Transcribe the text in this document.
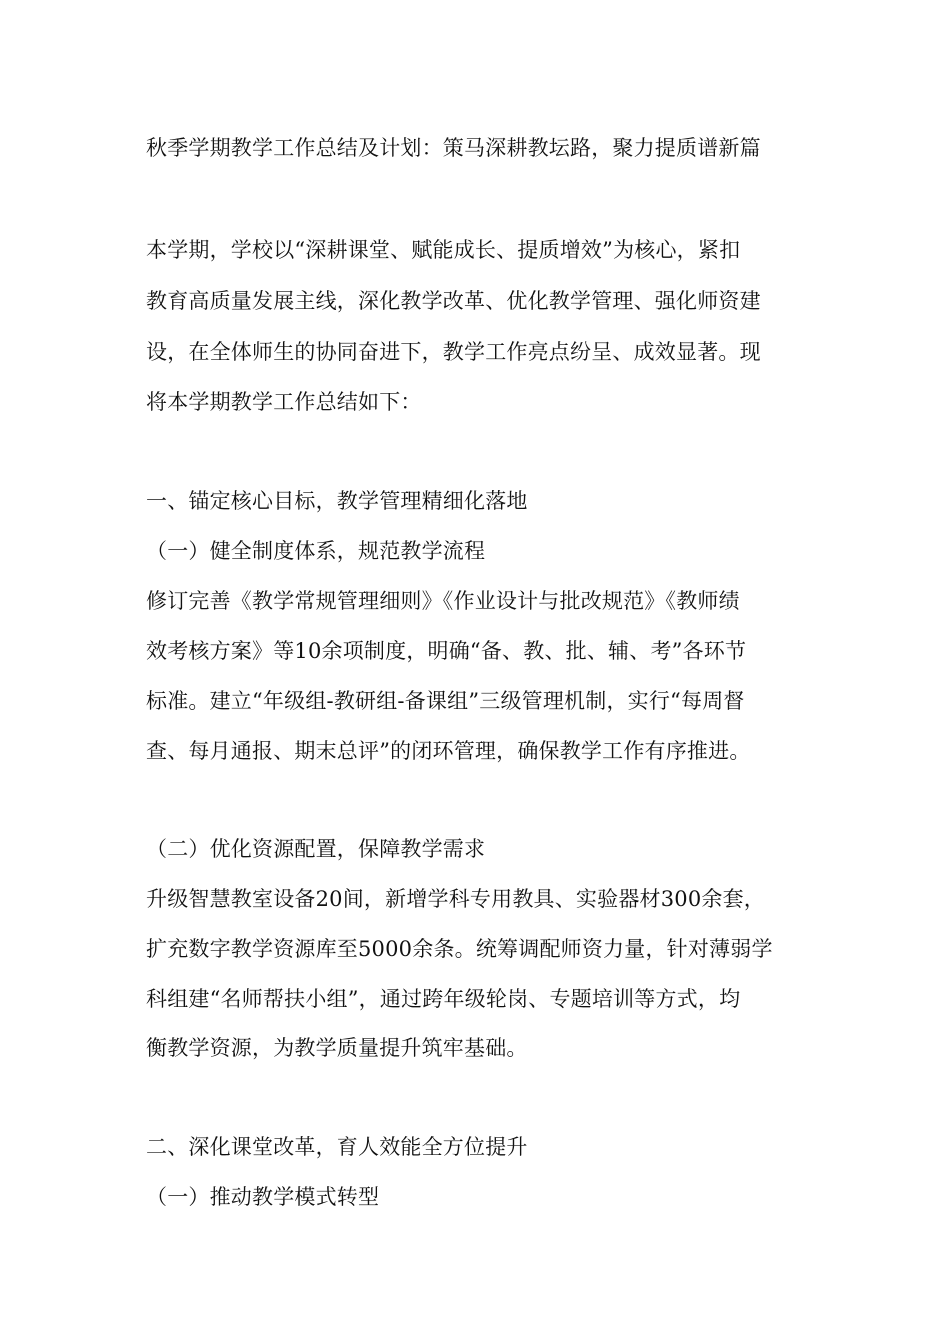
秋季学期教学工作总结及计划：策马深耕教坛路，聚力提质谱新篇
本学期，学校以“深耕课堂、赋能成长、提质增效”为核心，紧扣
教育高质量发展主线，深化教学改革、优化教学管理、强化师资建
设，在全体师生的协同奋进下，教学工作亮点纷呈、成效显著。现
将本学期教学工作总结如下：
一、锚定核心目标，教学管理精细化落地
（一）健全制度体系，规范教学流程
修订完善《教学常规管理细则》《作业设计与批改规范》《教师绩
效考核方案》等10余项制度，明确“备、教、批、辅、考”各环节
标准。建立“年级组-教研组-备课组”三级管理机制，实行“每周督
查、每月通报、期末总评”的闭环管理，确保教学工作有序推进。
（二）优化资源配置，保障教学需求
升级智慧教室设备20间，新增学科专用教具、实验器材300余套，
扩充数字教学资源库至5000余条。统筹调配师资力量，针对薄弱学
科组建“名师帮扶小组”，通过跨年级轮岗、专题培训等方式，均
衡教学资源，为教学质量提升筑牢基础。
二、深化课堂改革，育人效能全方位提升
（一）推动教学模式转型
